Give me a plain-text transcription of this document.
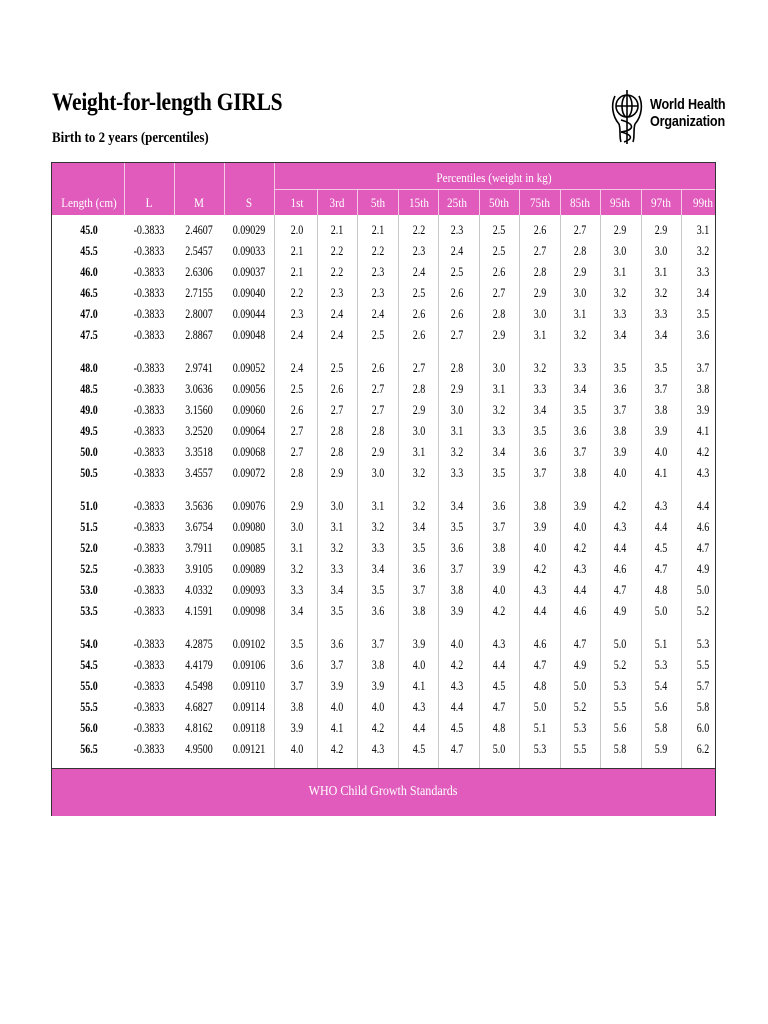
Weight-for-length GIRLS
Birth to 2 years (percentiles)
World Health
Organization
Percentiles (weight in kg)
Length (cm) L	M	S	1st 3rd 5th 15th 25th 50th 75th 85th 95th 97th 99th
45.0	-0.3833 2.4607 0.09029 2.0 2.1 2.1 2.2 2.3 2.5 2.6 2.7 2.9 2.9 3.1
45.5	-0.3833 2.5457 0.09033 2.1 2.2 2.2 2.3 2.4 2.5 2.7 2.8 3.0 3.0 3.2
46.0	-0.3833 2.6306 0.09037 2.1 2.2 2.3 2.4 2.5 2.6 2.8 2.9 3.1 3.1 3.3
46.5	-0.3833 2.7155 0.09040 2.2 2.3 2.3 2.5 2.6 2.7 2.9 3.0 3.2 3.2 3.4
47.0	-0.3833 2.8007 0.09044 2.3 2.4 2.4 2.6 2.6 2.8 3.0 3.1 3.3 3.3 3.5
47.5	-0.3833 2.8867 0.09048 2.4 2.4 2.5 2.6 2.7 2.9 3.1 3.2 3.4 3.4 3.6
48.0	-0.3833 2.9741 0.09052 2.4 2.5 2.6 2.7 2.8 3.0 3.2 3.3 3.5 3.5 3.7
48.5	-0.3833 3.0636 0.09056 2.5 2.6 2.7 2.8 2.9 3.1 3.3 3.4 3.6 3.7 3.8
49.0	-0.3833 3.1560 0.09060 2.6 2.7 2.7 2.9 3.0 3.2 3.4 3.5 3.7 3.8 3.9
49.5	-0.3833 3.2520 0.09064 2.7 2.8 2.8 3.0 3.1 3.3 3.5 3.6 3.8 3.9 4.1
50.0	-0.3833 3.3518 0.09068 2.7 2.8 2.9 3.1 3.2 3.4 3.6 3.7 3.9 4.0 4.2
50.5	-0.3833 3.4557 0.09072 2.8 2.9 3.0 3.2 3.3 3.5 3.7 3.8 4.0 4.1 4.3
51.0	-0.3833 3.5636 0.09076 2.9 3.0 3.1 3.2 3.4 3.6 3.8 3.9 4.2 4.3 4.4
51.5	-0.3833 3.6754 0.09080 3.0 3.1 3.2 3.4 3.5 3.7 3.9 4.0 4.3 4.4 4.6
52.0	-0.3833 3.7911 0.09085 3.1 3.2 3.3 3.5 3.6 3.8 4.0 4.2 4.4 4.5 4.7
52.5	-0.3833 3.9105 0.09089 3.2 3.3 3.4 3.6 3.7 3.9 4.2 4.3 4.6 4.7 4.9
53.0	-0.3833 4.0332 0.09093 3.3 3.4 3.5 3.7 3.8 4.0 4.3 4.4 4.7 4.8 5.0
53.5	-0.3833 4.1591 0.09098 3.4 3.5 3.6 3.8 3.9 4.2 4.4 4.6 4.9 5.0 5.2
54.0	-0.3833 4.2875 0.09102 3.5 3.6 3.7 3.9 4.0 4.3 4.6 4.7 5.0 5.1 5.3
54.5	-0.3833 4.4179 0.09106 3.6 3.7 3.8 4.0 4.2 4.4 4.7 4.9 5.2 5.3 5.5
55.0	-0.3833 4.5498 0.09110 3.7 3.9 3.9 4.1 4.3 4.5 4.8 5.0 5.3 5.4 5.7
55.5	-0.3833 4.6827 0.09114 3.8 4.0 4.0 4.3 4.4 4.7 5.0 5.2 5.5 5.6 5.8
56.0	-0.3833 4.8162 0.09118 3.9 4.1 4.2 4.4 4.5 4.8 5.1 5.3 5.6 5.8 6.0
56.5	-0.3833 4.9500 0.09121 4.0 4.2 4.3 4.5 4.7 5.0 5.3 5.5 5.8 5.9 6.2
WHO Child Growth Standards
